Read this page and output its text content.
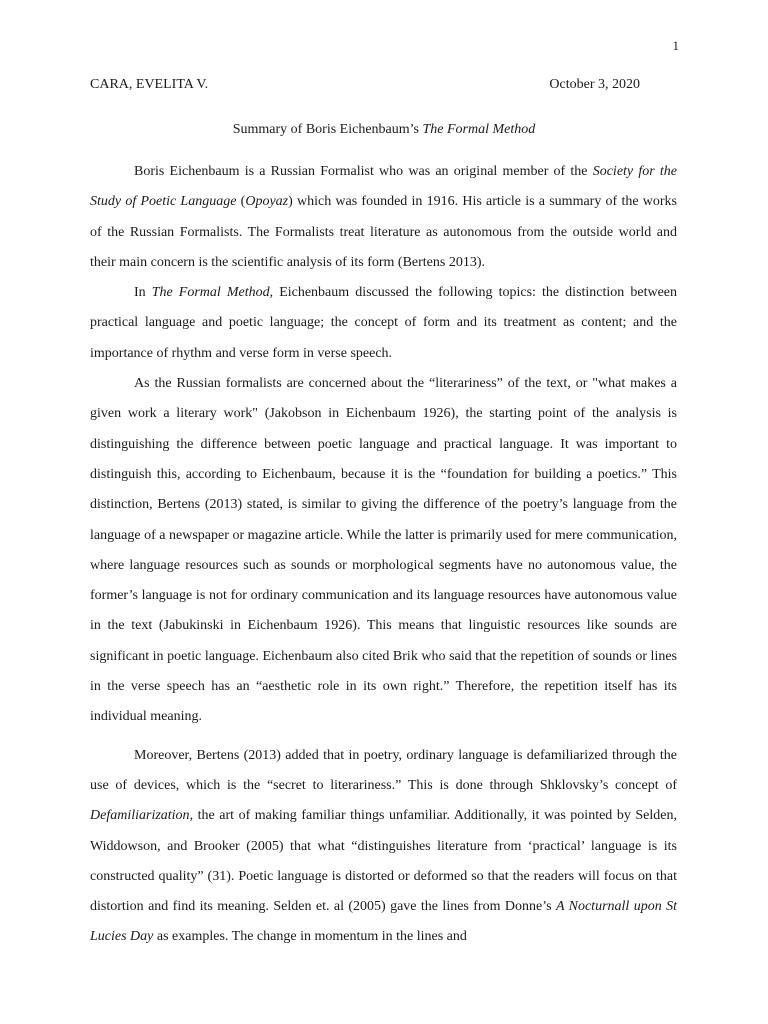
1
CARA, EVELITA V.	October 3, 2020
Summary of Boris Eichenbaum’s The Formal Method

Boris Eichenbaum is a Russian Formalist who was an original member of the Society for the Study of Poetic Language (Opoyaz) which was founded in 1916. His article is a summary of the works of the Russian Formalists. The Formalists treat literature as autonomous from the outside world and their main concern is the scientific analysis of its form (Bertens 2013).

In The Formal Method, Eichenbaum discussed the following topics: the distinction between practical language and poetic language; the concept of form and its treatment as content; and the importance of rhythm and verse form in verse speech.

As the Russian formalists are concerned about the “literariness” of the text, or "what makes a given work a literary work" (Jakobson in Eichenbaum 1926), the starting point of the analysis is distinguishing the difference between poetic language and practical language. It was important to distinguish this, according to Eichenbaum, because it is the “foundation for building a poetics.” This distinction, Bertens (2013) stated, is similar to giving the difference of the poetry’s language from the language of a newspaper or magazine article. While the latter is primarily used for mere communication, where language resources such as sounds or morphological segments have no autonomous value, the former’s language is not for ordinary communication and its language resources have autonomous value in the text (Jabukinski in Eichenbaum 1926). This means that linguistic resources like sounds are significant in poetic language. Eichenbaum also cited Brik who said that the repetition of sounds or lines in the verse speech has an “aesthetic role in its own right.” Therefore, the repetition itself has its individual meaning.

Moreover, Bertens (2013) added that in poetry, ordinary language is defamiliarized through the use of devices, which is the “secret to literariness.” This is done through Shklovsky’s concept of Defamiliarization, the art of making familiar things unfamiliar. Additionally, it was pointed by Selden, Widdowson, and Brooker (2005) that what “distinguishes literature from ‘practical’ language is its constructed quality” (31). Poetic language is distorted or deformed so that the readers will focus on that distortion and find its meaning. Selden et. al (2005) gave the lines from Donne’s A Nocturnall upon St Lucies Day as examples. The change in momentum in the lines and
